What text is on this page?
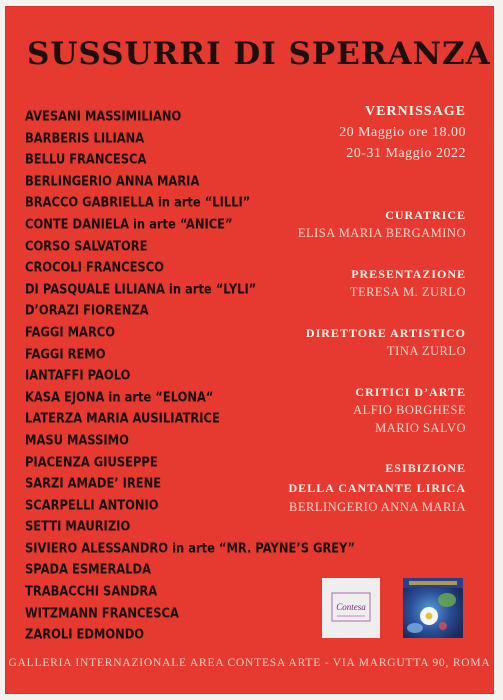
SUSSURRI DI SPERANZA
AVESANI MASSIMILIANO
BARBERIS LILIANA
BELLU FRANCESCA
BERLINGERIO ANNA MARIA
BRACCO GABRIELLA in arte “LILLI”
CONTE DANIELA in arte “ANICE”
CORSO SALVATORE
CROCOLI FRANCESCO
DI PASQUALE LILIANA in arte “LYLI”
D’ORAZI FIORENZA
FAGGI MARCO
FAGGI REMO
IANTAFFI PAOLO
KASA EJONA in arte “ELONA“
LATERZA MARIA AUSILIATRICE
MASU MASSIMO
PIACENZA GIUSEPPE
SARZI AMADE’ IRENE
SCARPELLI ANTONIO
SETTI MAURIZIO
SIVIERO ALESSANDRO in arte “MR. PAYNE’S GREY”
SPADA ESMERALDA
TRABACCHI SANDRA
WITZMANN FRANCESCA
ZAROLI EDMONDO
VERNISSAGE
20 Maggio ore 18.00
20-31 Maggio 2022
CURATRICE
ELISA MARIA BERGAMINO
PRESENTAZIONE
TERESA M. ZURLO
DIRETTORE ARTISTICO
TINA ZURLO
CRITICI D’ARTE
ALFIO BORGHESE
MARIO SALVO
ESIBIZIONE
DELLA CANTANTE LIRICA
BERLINGERIO ANNA MARIA
Contesa
GALLERIA INTERNAZIONALE AREA CONTESA ARTE - VIA MARGUTTA 90, ROMA
